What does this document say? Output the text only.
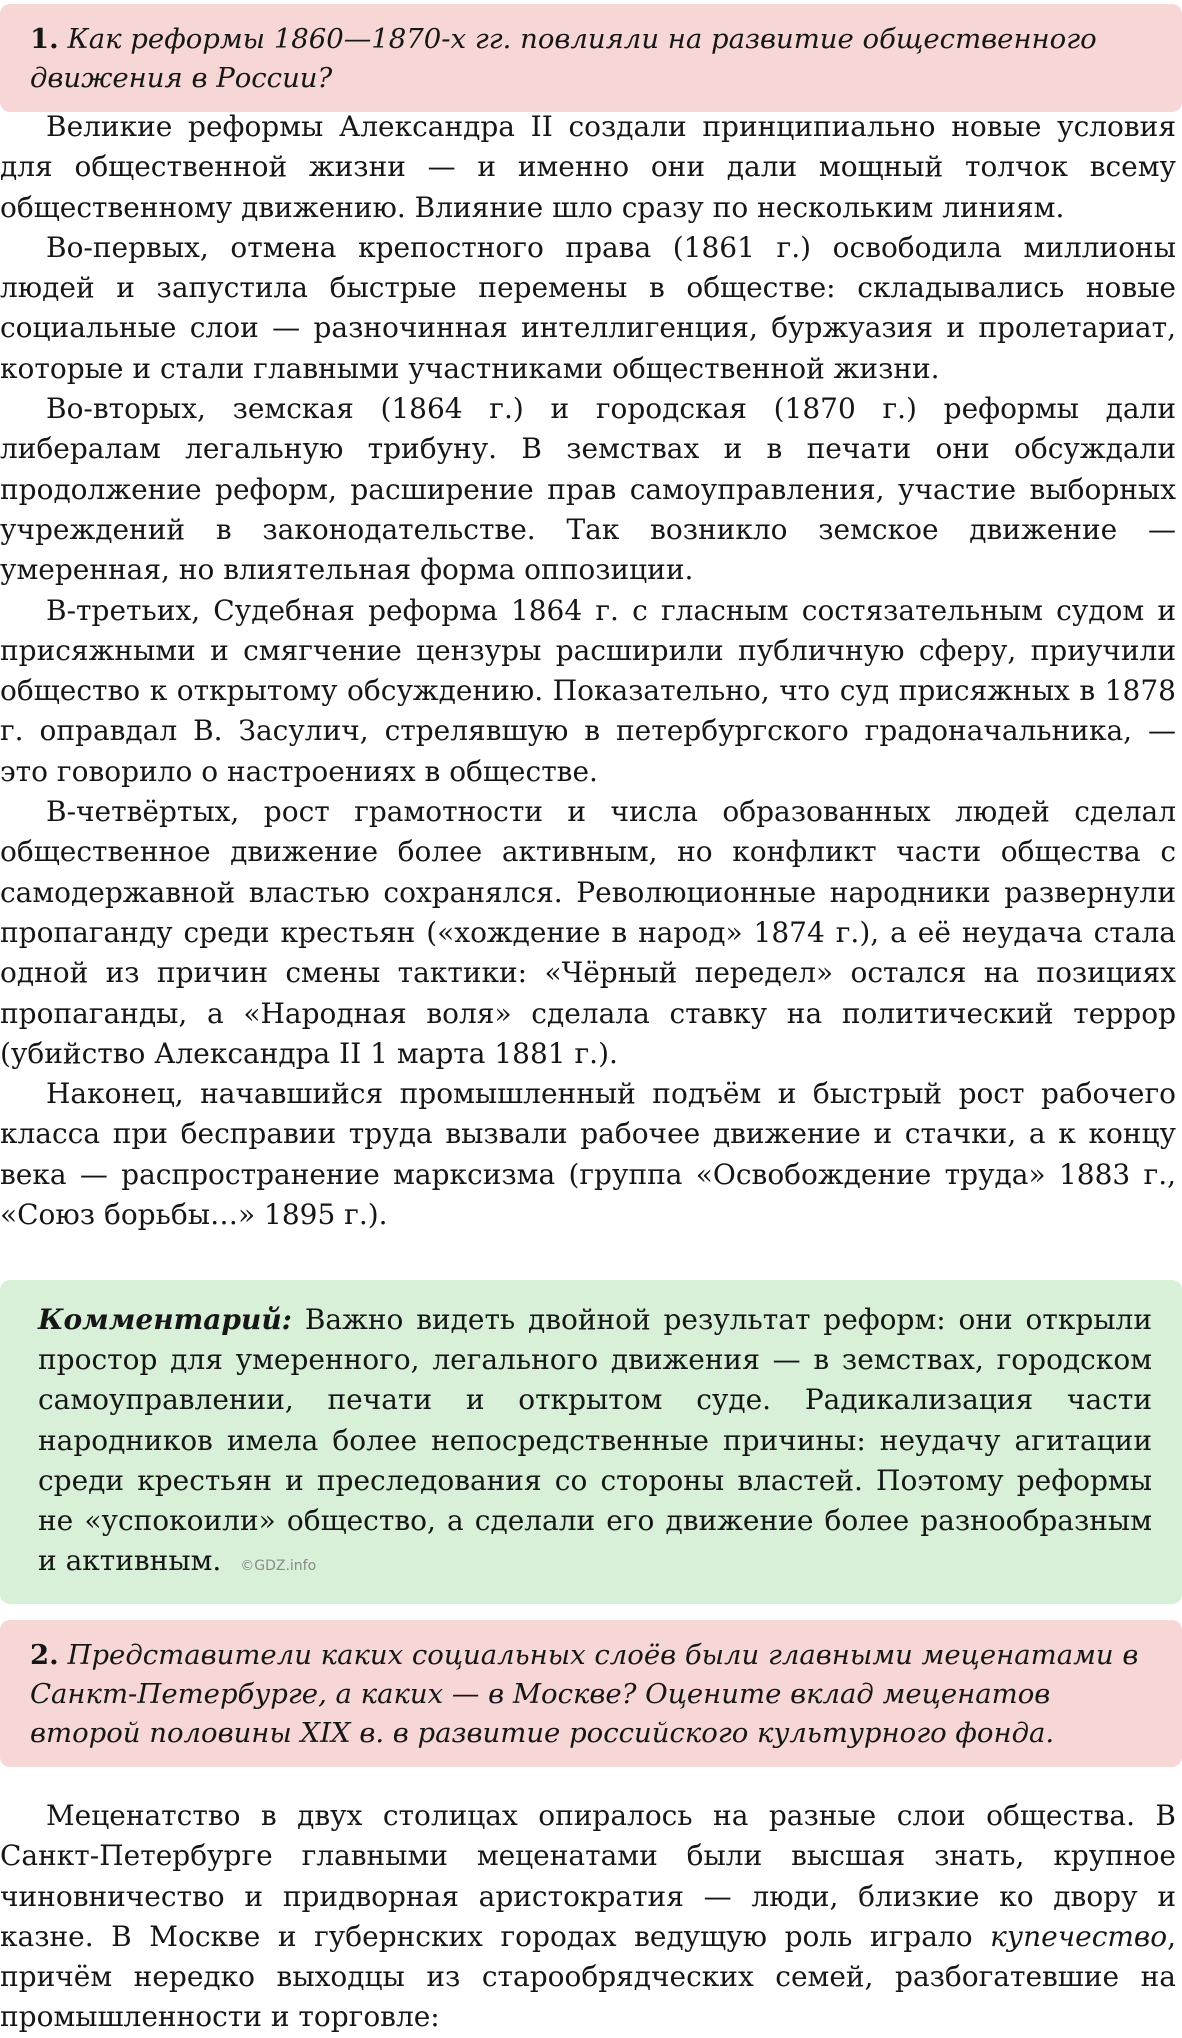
1. Как реформы 1860—1870-х гг. повлияли на развитие общественного движения в России?

Великие реформы Александра II создали принципиально новые условия для общественной жизни — и именно они дали мощный толчок всему общественному движению. Влияние шло сразу по нескольким линиям.

Во-первых, отмена крепостного права (1861 г.) освободила миллионы людей и запустила быстрые перемены в обществе: складывались новые социальные слои — разночинная интеллигенция, буржуазия и пролетариат, которые и стали главными участниками общественной жизни.

Во-вторых, земская (1864 г.) и городская (1870 г.) реформы дали либералам легальную трибуну. В земствах и в печати они обсуждали продолжение реформ, расширение прав самоуправления, участие выборных учреждений в законодательстве. Так возникло земское движение — умеренная, но влиятельная форма оппозиции.

В-третьих, Судебная реформа 1864 г. с гласным состязательным судом и присяжными и смягчение цензуры расширили публичную сферу, приучили общество к открытому обсуждению. Показательно, что суд присяжных в 1878 г. оправдал В. Засулич, стрелявшую в петербургского градоначальника, — это говорило о настроениях в обществе.

В-четвёртых, рост грамотности и числа образованных людей сделал общественное движение более активным, но конфликт части общества с самодержавной властью сохранялся. Революционные народники развернули пропаганду среди крестьян («хождение в народ» 1874 г.), а её неудача стала одной из причин смены тактики: «Чёрный передел» остался на позициях пропаганды, а «Народная воля» сделала ставку на политический террор (убийство Александра II 1 марта 1881 г.).

Наконец, начавшийся промышленный подъём и быстрый рост рабочего класса при бесправии труда вызвали рабочее движение и стачки, а к концу века — распространение марксизма (группа «Освобождение труда» 1883 г., «Союз борьбы…» 1895 г.).

Комментарий: Важно видеть двойной результат реформ: они открыли простор для умеренного, легального движения — в земствах, городском самоуправлении, печати и открытом суде. Радикализация части народников имела более непосредственные причины: неудачу агитации среди крестьян и преследования со стороны властей. Поэтому реформы не «успокоили» общество, а сделали его движение более разнообразным и активным. ©GDZ.info
2. Представители каких социальных слоёв были главными меценатами в Санкт-Петербурге, а каких — в Москве? Оцените вклад меценатов второй половины XIX в. в развитие российского культурного фонда.

Меценатство в двух столицах опиралось на разные слои общества. В Санкт-Петербурге главными меценатами были высшая знать, крупное чиновничество и придворная аристократия — люди, близкие ко двору и казне. В Москве и губернских городах ведущую роль играло купечество, причём нередко выходцы из старообрядческих семей, разбогатевшие на промышленности и торговле:
